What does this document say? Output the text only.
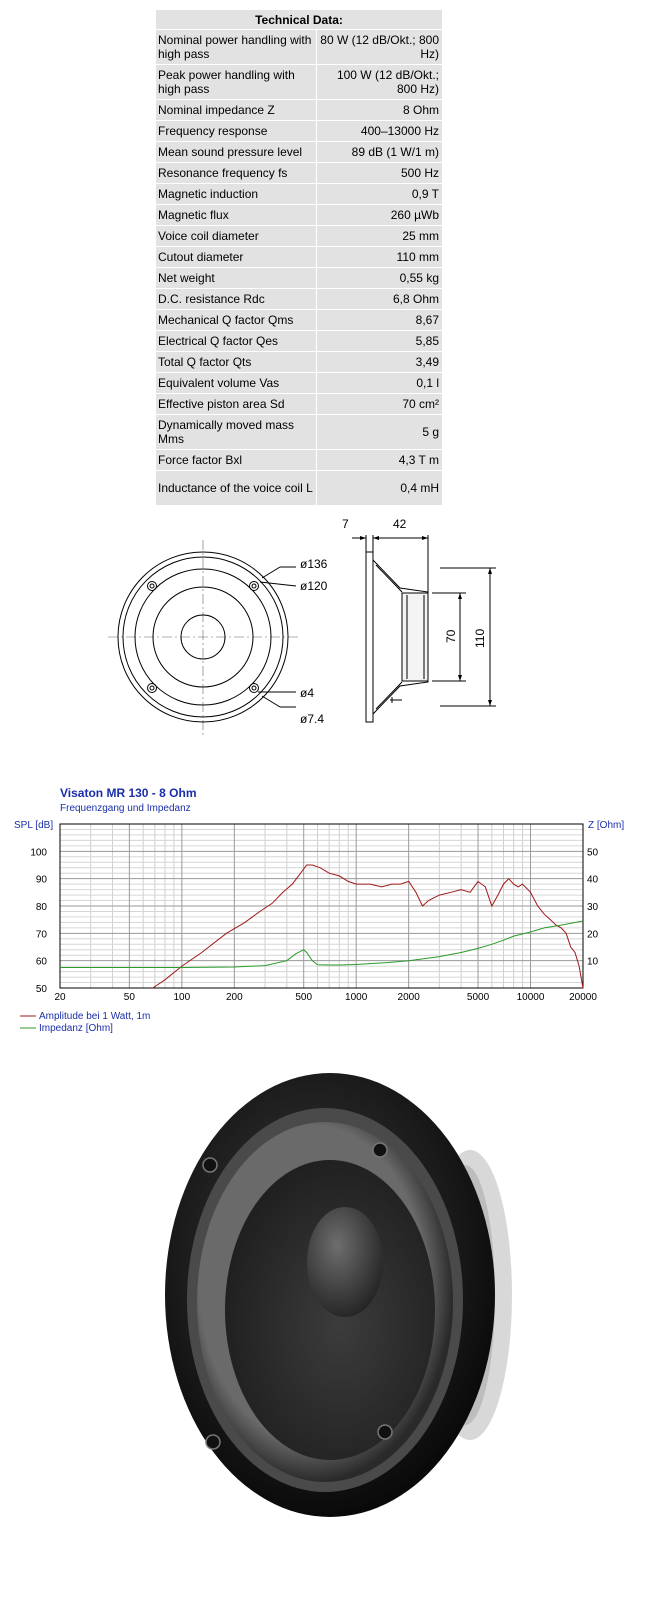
Technical Data:	
Nominal power handling with high pass	80 W (12 dB/Okt.; 800 Hz)
Peak power handling with high pass	100 W (12 dB/Okt.; 800 Hz)
Nominal impedance Z	8 Ohm
Frequency response	400–13000 Hz
Mean sound pressure level	89 dB (1 W/1 m)
Resonance frequency fs	500 Hz
Magnetic induction	0,9 T
Magnetic flux	260 µWb
Voice coil diameter	25 mm
Cutout diameter	110 mm
Net weight	0,55 kg
D.C. resistance Rdc	6,8 Ohm
Mechanical Q factor Qms	8,67
Electrical Q factor Qes	5,85
Total Q factor Qts	3,49
Equivalent volume Vas	0,1 l
Effective piston area Sd	70 cm²
Dynamically moved mass Mms	5 g
Force factor Bxl	4,3 T m
Inductance of the voice coil L	0,4 mH
ø136
ø120
ø4
ø7.4
7	42
70 110
Visaton MR 130 - 8 Ohm
Frequenzgang und Impedanz
SPL [dB]	Z [Ohm]
20	50	100	200	500	1000	2000	5000	10000 20000
50
60
70
80
90
100
10
20
30
40
50
Amplitude bei 1 Watt, 1m
Impedanz [Ohm]
